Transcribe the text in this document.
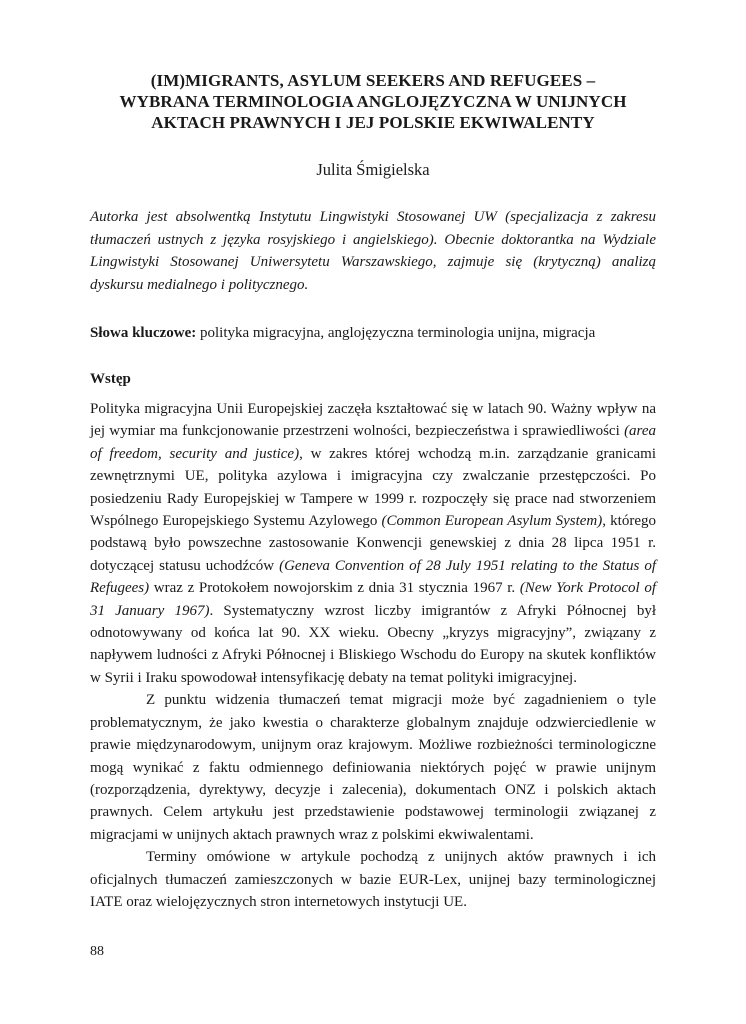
(IM)MIGRANTS, ASYLUM SEEKERS AND REFUGEES –
WYBRANA TERMINOLOGIA ANGLOJĘZYCZNA W UNIJNYCH
AKTACH PRAWNYCH I JEJ POLSKIE EKWIWALENTY
Julita Śmigielska

Autorka jest absolwentką Instytutu Lingwistyki Stosowanej UW (specjalizacja z zakresu tłumaczeń ustnych z języka rosyjskiego i angielskiego). Obecnie doktorantka na Wydziale Lingwistyki Stosowanej Uniwersytetu Warszawskiego, zajmuje się (krytyczną) analizą dyskursu medialnego i politycznego.

Słowa kluczowe: polityka migracyjna, anglojęzyczna terminologia unijna, migracja
Wstęp

Polityka migracyjna Unii Europejskiej zaczęła kształtować się w latach 90. Ważny wpływ na jej wymiar ma funkcjonowanie przestrzeni wolności, bezpieczeństwa i sprawiedliwości (area of freedom, security and justice), w zakres której wchodzą m.in. zarządzanie granicami zewnętrznymi UE, polityka azylowa i imigracyjna czy zwalczanie przestępczości. Po posiedzeniu Rady Europejskiej w Tampere w 1999 r. rozpoczęły się prace nad stworzeniem Wspólnego Europejskiego Systemu Azylowego (Common European Asylum System), którego podstawą było powszechne zastosowanie Konwencji genewskiej z dnia 28 lipca 1951 r. dotyczącej statusu uchodźców (Geneva Convention of 28 July 1951 relating to the Status of Refugees) wraz z Protokołem nowojorskim z dnia 31 stycznia 1967 r. (New York Protocol of 31 January 1967). Systematyczny wzrost liczby imigrantów z Afryki Północnej był odnotowywany od końca lat 90. XX wieku. Obecny „kryzys migracyjny”, związany z napływem ludności z Afryki Północnej i Bliskiego Wschodu do Europy na skutek konfliktów w Syrii i Iraku spowodował intensyfikację debaty na temat polityki imigracyjnej.

Z punktu widzenia tłumaczeń temat migracji może być zagadnieniem o tyle problematycznym, że jako kwestia o charakterze globalnym znajduje odzwierciedlenie w prawie międzynarodowym, unijnym oraz krajowym. Możliwe rozbieżności terminologiczne mogą wynikać z faktu odmiennego definiowania niektórych pojęć w prawie unijnym (rozporządzenia, dyrektywy, decyzje i zalecenia), dokumentach ONZ i polskich aktach prawnych. Celem artykułu jest przedstawienie podstawowej terminologii związanej z migracjami w unijnych aktach prawnych wraz z polskimi ekwiwalentami.

Terminy omówione w artykule pochodzą z unijnych aktów prawnych i ich oficjalnych tłumaczeń zamieszczonych w bazie EUR-Lex, unijnej bazy terminologicznej IATE oraz wielojęzycznych stron internetowych instytucji UE.

88
